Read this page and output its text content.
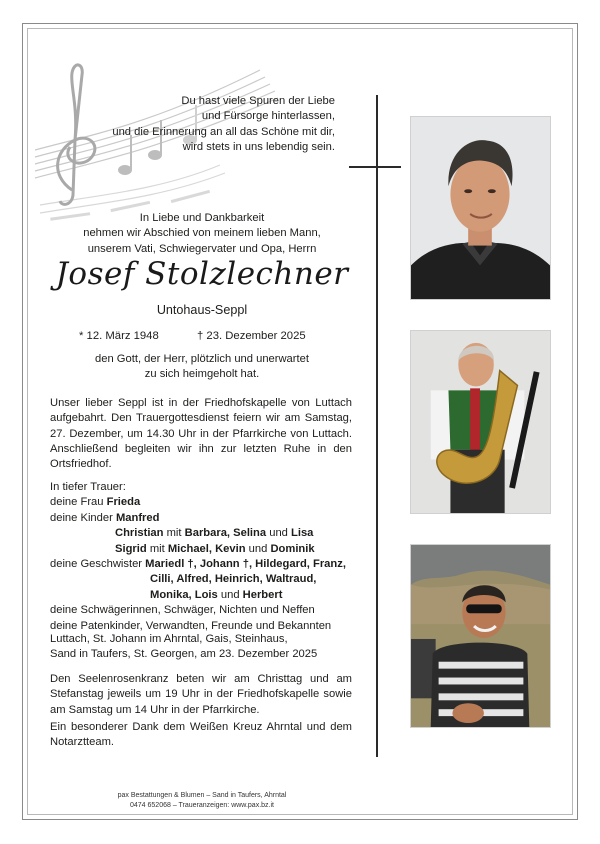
Du hast viele Spuren der Liebe
und Fürsorge hinterlassen,
und die Erinnerung an all das Schöne mit dir,
wird stets in uns lebendig sein.
In Liebe und Dankbarkeit
nehmen wir Abschied von meinem lieben Mann,
unserem Vati, Schwiegervater und Opa, Herrn
Josef Stolzlechner
Untohaus-Seppl
* 12. März 1948	† 23. Dezember 2025
den Gott, der Herr, plötzlich und unerwartet
zu sich heimgeholt hat.
Unser lieber Seppl ist in der Friedhofskapelle von Luttach aufgebahrt. Den Trauergottesdienst feiern wir am Samstag, 27. Dezember, um 14.30 Uhr in der Pfarrkirche von Luttach. Anschließend begleiten wir ihn zur letzten Ruhe in den Ortsfriedhof.
In tiefer Trauer:
deine Frau Frieda
deine Kinder Manfred
Christian mit Barbara, Selina und Lisa
Sigrid mit Michael, Kevin und Dominik
deine Geschwister Mariedl †, Johann †, Hildegard, Franz,
Cilli, Alfred, Heinrich, Waltraud,
Monika, Lois und Herbert
deine Schwägerinnen, Schwäger, Nichten und Neffen
deine Patenkinder, Verwandten, Freunde und Bekannten
Luttach, St. Johann im Ahrntal, Gais, Steinhaus,
Sand in Taufers, St. Georgen, am 23. Dezember 2025
Den Seelenrosenkranz beten wir am Christtag und am Stefanstag jeweils um 19 Uhr in der Friedhofskapelle sowie am Samstag um 14 Uhr in der Pfarrkirche.
Ein besonderer Dank dem Weißen Kreuz Ahrntal und dem Notarztteam.
pax Bestattungen & Blumen – Sand in Taufers, Ahrntal
0474 652068 – Traueranzeigen: www.pax.bz.it
